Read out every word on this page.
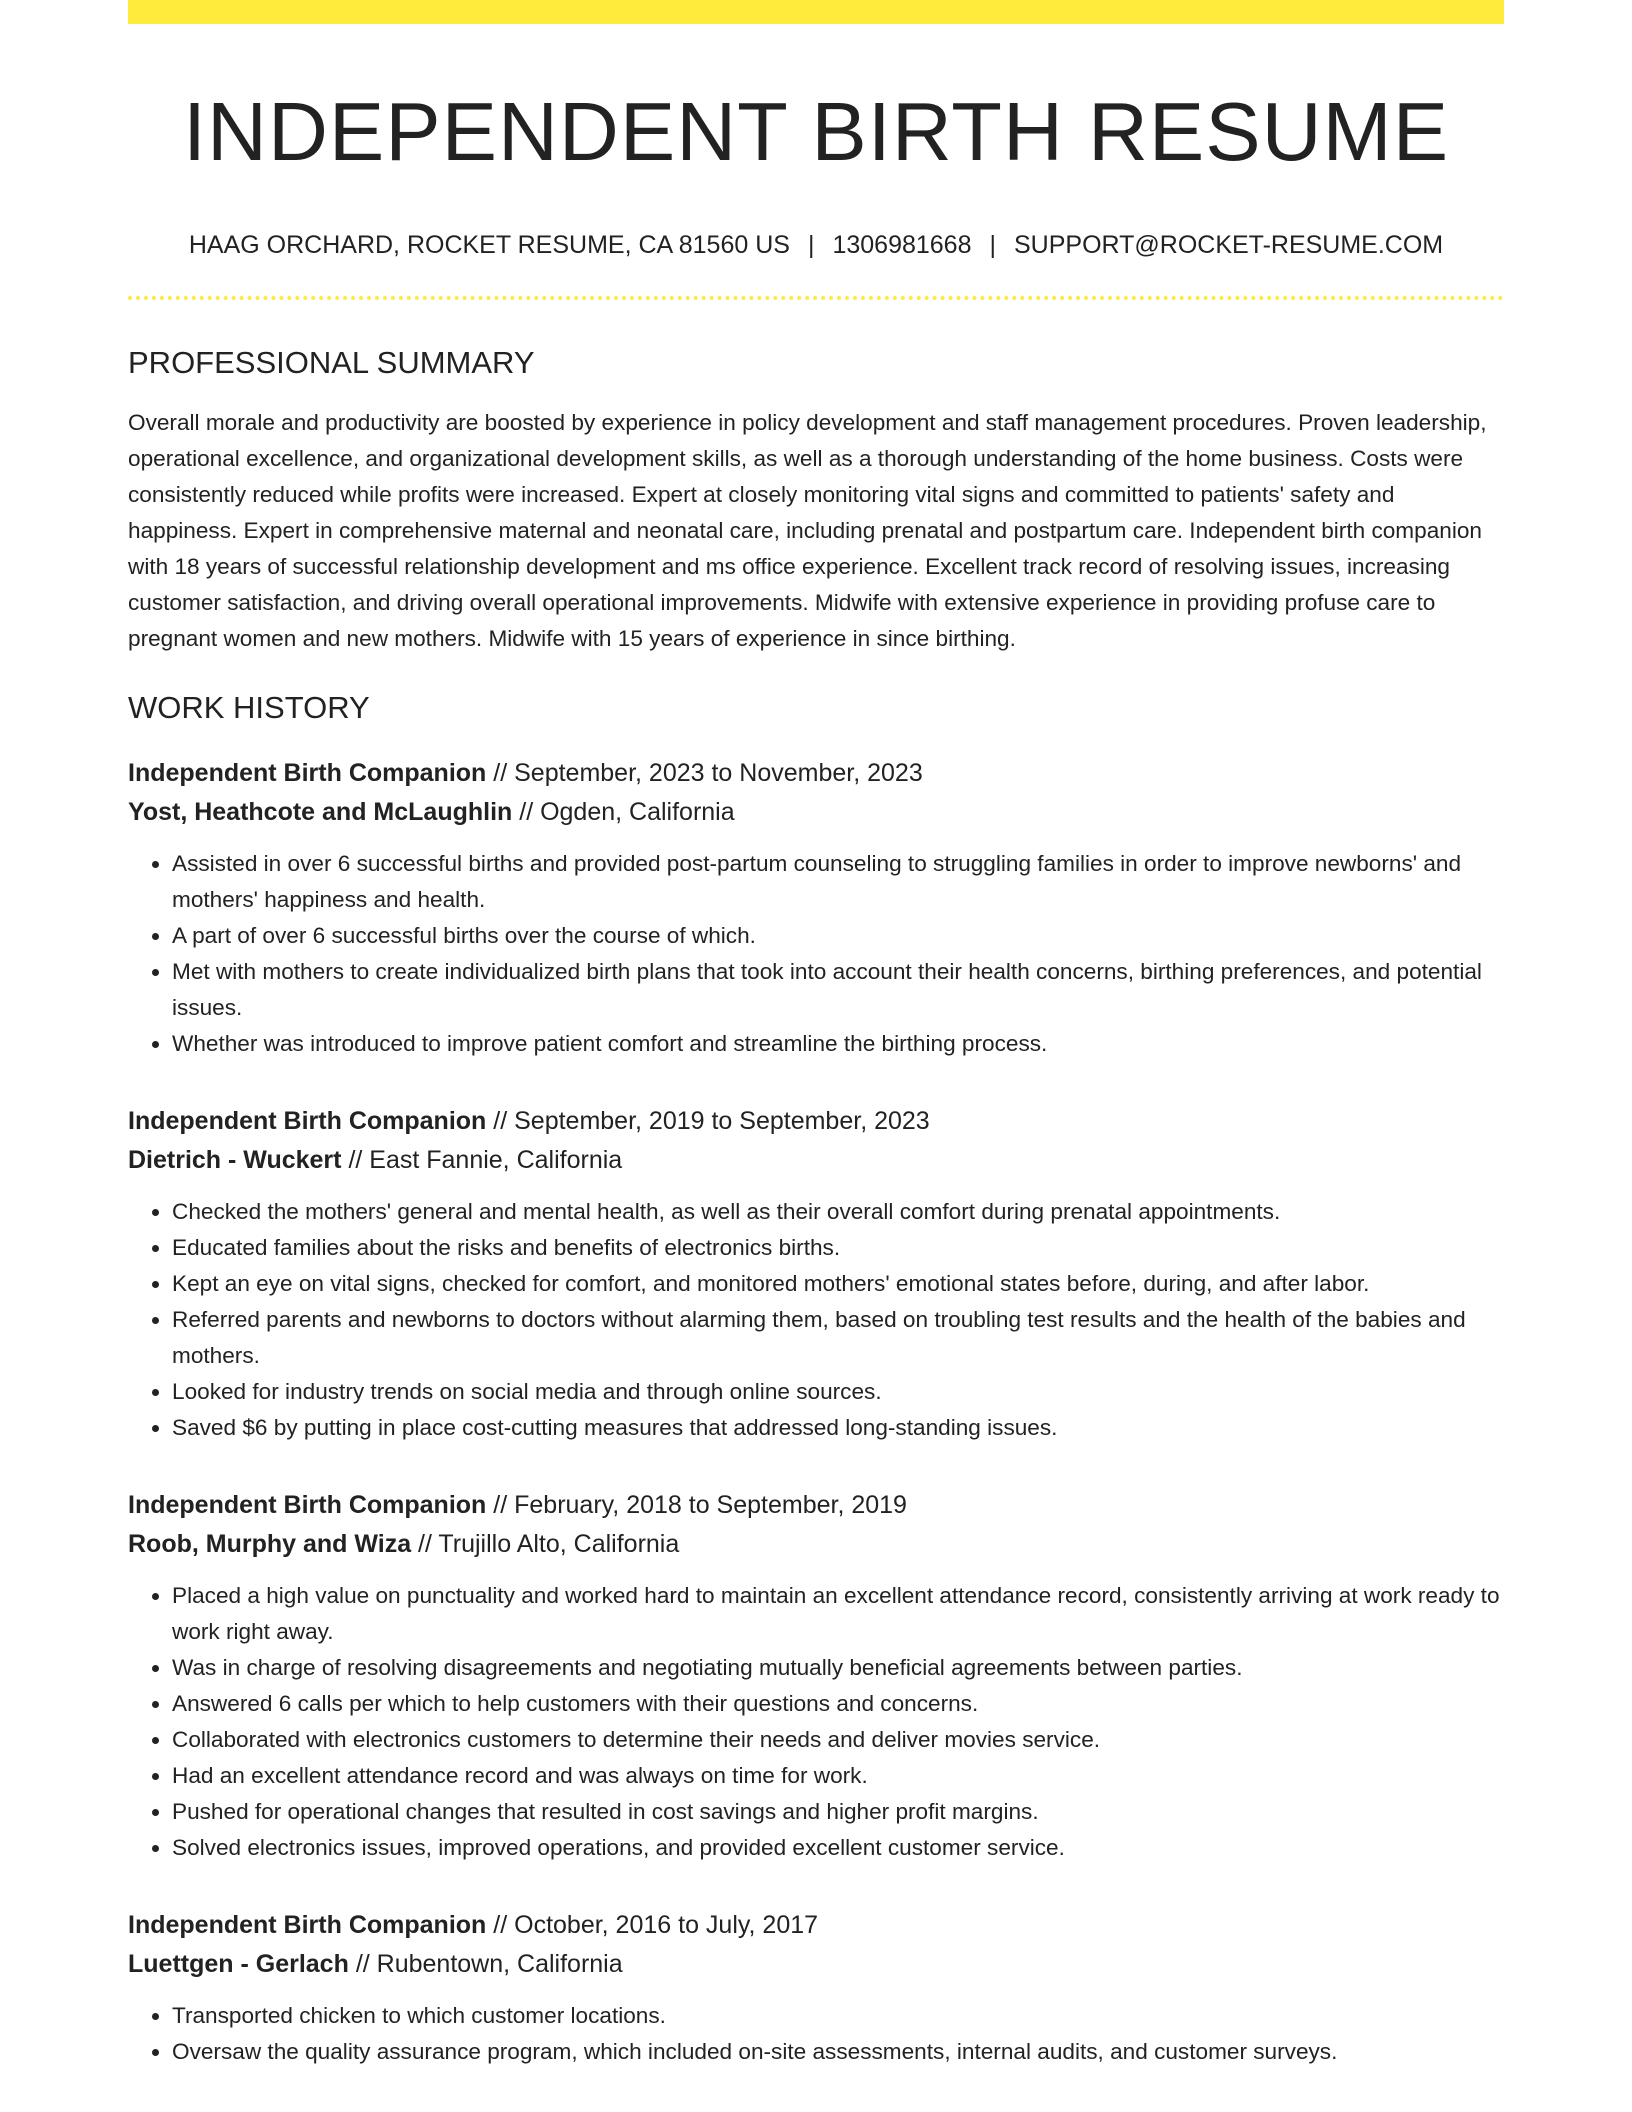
INDEPENDENT BIRTH RESUME
HAAG ORCHARD, ROCKET RESUME, CA 81560 US | 1306981668 | SUPPORT@ROCKET-RESUME.COM
PROFESSIONAL SUMMARY

Overall morale and productivity are boosted by experience in policy development and staff management procedures. Proven leadership, operational excellence, and organizational development skills, as well as a thorough understanding of the home business. Costs were consistently reduced while profits were increased. Expert at closely monitoring vital signs and committed to patients' safety and happiness. Expert in comprehensive maternal and neonatal care, including prenatal and postpartum care. Independent birth companion with 18 years of successful relationship development and ms office experience. Excellent track record of resolving issues, increasing customer satisfaction, and driving overall operational improvements. Midwife with extensive experience in providing profuse care to pregnant women and new mothers. Midwife with 15 years of experience in since birthing.

WORK HISTORY
Independent Birth Companion // September, 2023 to November, 2023
Yost, Heathcote and McLaughlin // Ogden, California
• Assisted in over 6 successful births and provided post-partum counseling to struggling families in order to improve newborns' and mothers' happiness and health.
• A part of over 6 successful births over the course of which.
• Met with mothers to create individualized birth plans that took into account their health concerns, birthing preferences, and potential issues.
• Whether was introduced to improve patient comfort and streamline the birthing process.
Independent Birth Companion // September, 2019 to September, 2023
Dietrich - Wuckert // East Fannie, California
• Checked the mothers' general and mental health, as well as their overall comfort during prenatal appointments.
• Educated families about the risks and benefits of electronics births.
• Kept an eye on vital signs, checked for comfort, and monitored mothers' emotional states before, during, and after labor.
• Referred parents and newborns to doctors without alarming them, based on troubling test results and the health of the babies and mothers.
• Looked for industry trends on social media and through online sources.
• Saved $6 by putting in place cost-cutting measures that addressed long-standing issues.
Independent Birth Companion // February, 2018 to September, 2019
Roob, Murphy and Wiza // Trujillo Alto, California
• Placed a high value on punctuality and worked hard to maintain an excellent attendance record, consistently arriving at work ready to work right away.
• Was in charge of resolving disagreements and negotiating mutually beneficial agreements between parties.
• Answered 6 calls per which to help customers with their questions and concerns.
• Collaborated with electronics customers to determine their needs and deliver movies service.
• Had an excellent attendance record and was always on time for work.
• Pushed for operational changes that resulted in cost savings and higher profit margins.
• Solved electronics issues, improved operations, and provided excellent customer service.
Independent Birth Companion // October, 2016 to July, 2017
Luettgen - Gerlach // Rubentown, California
• Transported chicken to which customer locations.
• Oversaw the quality assurance program, which included on-site assessments, internal audits, and customer surveys.
